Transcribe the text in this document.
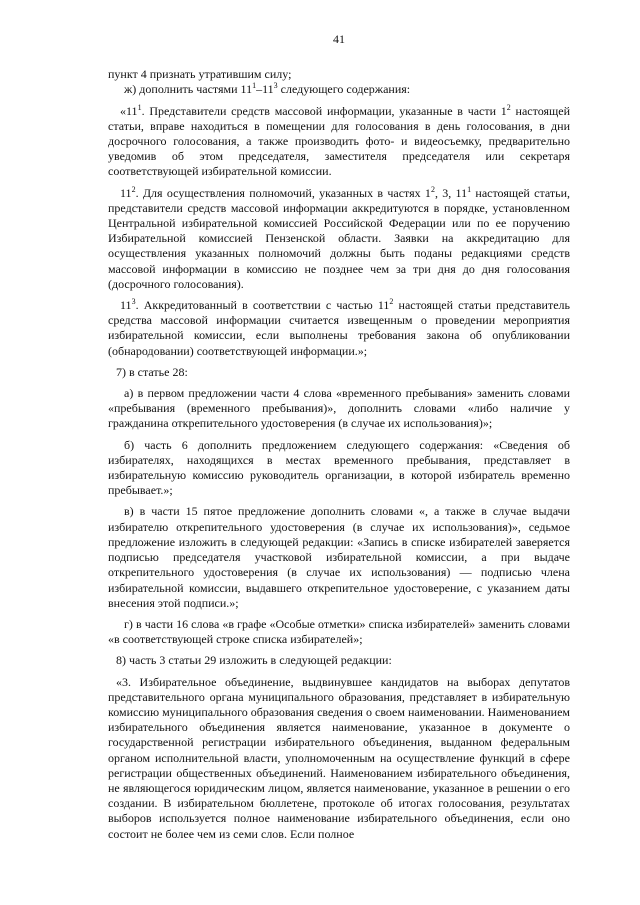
41

пункт 4 признать утратившим силу;

ж) дополнить частями $11^1-11^3$ следующего содержания:

«$11^1$. Представители средств массовой информации, указанные в части $1^2$ настоящей статьи, вправе находиться в помещении для голосования в день голосования, в дни досрочного голосования, а также производить фото- и видеосъемку, предварительно уведомив об этом председателя, заместителя председателя или секретаря соответствующей избирательной комиссии.

$11^2$. Для осуществления полномочий, указанных в частях $1^2$, 3, $11^1$ настоящей статьи, представители средств массовой информации аккредитуются в порядке, установленном Центральной избирательной комиссией Российской Федерации или по ее поручению Избирательной комиссией Пензенской области. Заявки на аккредитацию для осуществления указанных полномочий должны быть поданы редакциями средств массовой информации в комиссию не позднее чем за три дня до дня голосования (досрочного голосования).

$11^3$. Аккредитованный в соответствии с частью $11^2$ настоящей статьи представитель средства массовой информации считается извещенным о проведении мероприятия избирательной комиссии, если выполнены требования закона об опубликовании (обнародовании) соответствующей информации.»;

7) в статье 28:

а) в первом предложении части 4 слова «временного пребывания» заменить словами «пребывания (временного пребывания)», дополнить словами «либо наличие у гражданина открепительного удостоверения (в случае их использования)»;

б) часть 6 дополнить предложением следующего содержания: «Сведения об избирателях, находящихся в местах временного пребывания, представляет в избирательную комиссию руководитель организации, в которой избиратель временно пребывает.»;

в) в части 15 пятое предложение дополнить словами «, а также в случае выдачи избирателю открепительного удостоверения (в случае их использования)», седьмое предложение изложить в следующей редакции: «Запись в списке избирателей заверяется подписью председателя участковой избирательной комиссии, а при выдаче открепительного удостоверения (в случае их использования) — подписью члена избирательной комиссии, выдавшего открепительное удостоверение, с указанием даты внесения этой подписи.»;

г) в части 16 слова «в графе «Особые отметки» списка избирателей» заменить словами «в соответствующей строке списка избирателей»;

8) часть 3 статьи 29 изложить в следующей редакции:

«3. Избирательное объединение, выдвинувшее кандидатов на выборах депутатов представительного органа муниципального образования, представляет в избирательную комиссию муниципального образования сведения о своем наименовании. Наименованием избирательного объединения является наименование, указанное в документе о государственной регистрации избирательного объединения, выданном федеральным органом исполнительной власти, уполномоченным на осуществление функций в сфере регистрации общественных объединений. Наименованием избирательного объединения, не являющегося юридическим лицом, является наименование, указанное в решении о его создании. В избирательном бюллетене, протоколе об итогах голосования, результатах выборов используется полное наименование избирательного объединения, если оно состоит не более чем из семи слов. Если полное
